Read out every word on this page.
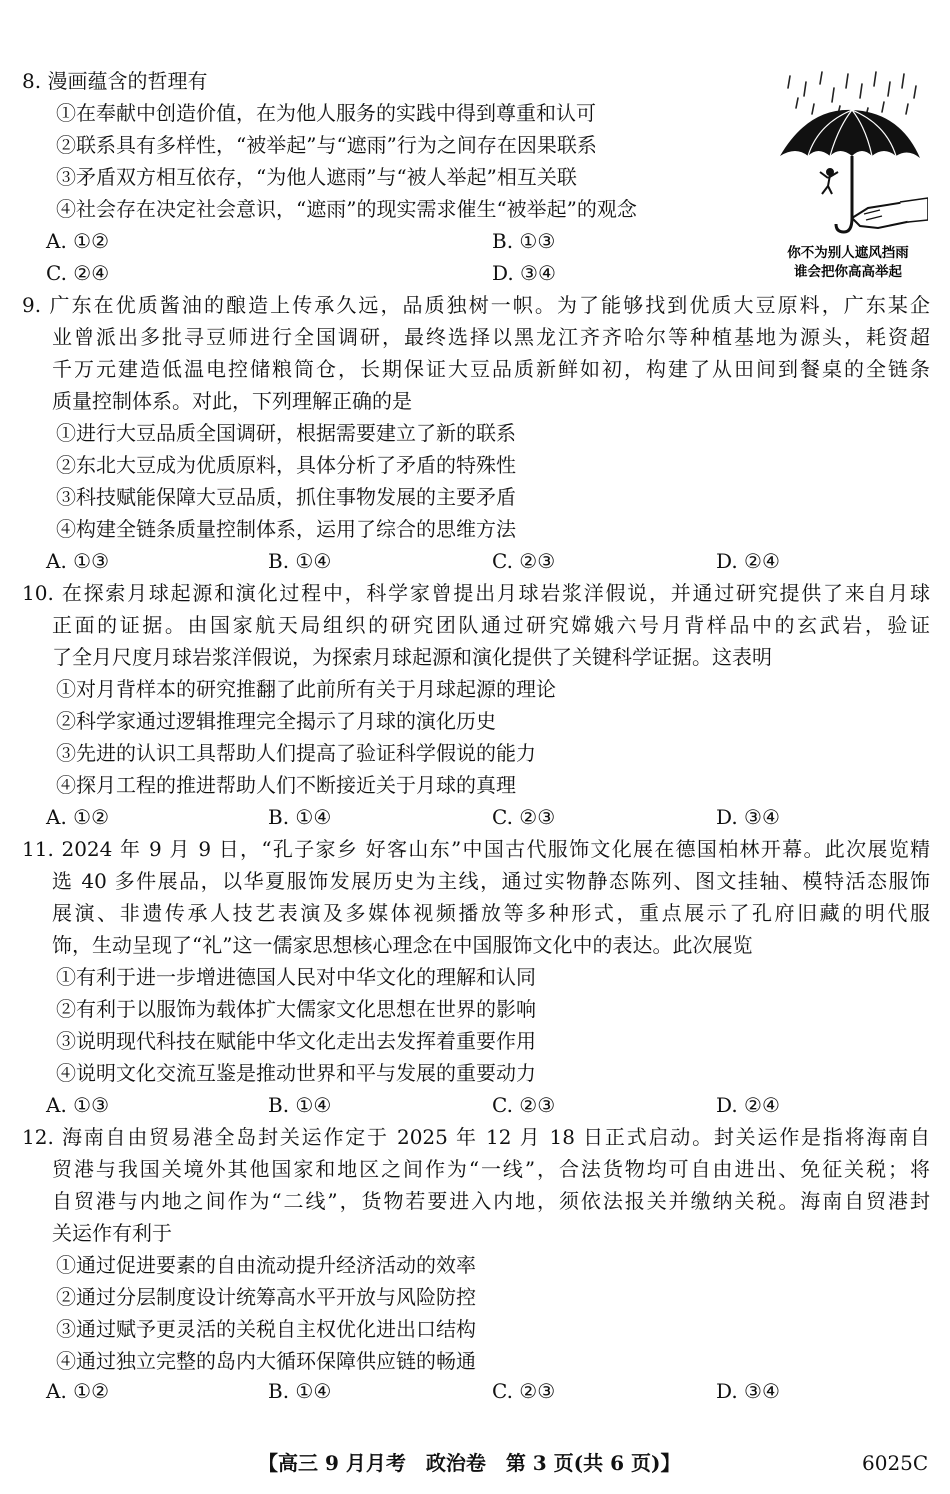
8. 漫画蕴含的哲理有
①在奉献中创造价值，在为他人服务的实践中得到尊重和认可
②联系具有多样性，“被举起”与“遮雨”行为之间存在因果联系
③矛盾双方相互依存，“为他人遮雨”与“被人举起”相互关联
④社会存在决定社会意识，“遮雨”的现实需求催生“被举起”的观念
A. ①②	B. ①③
C. ②④	D. ③④
你不为别人遮风挡雨
谁会把你高高举起
9. 广东在优质酱油的酿造上传承久远，品质独树一帜。为了能够找到优质大豆原料，广东某企
业曾派出多批寻豆师进行全国调研，最终选择以黑龙江齐齐哈尔等种植基地为源头，耗资超
千万元建造低温电控储粮筒仓，长期保证大豆品质新鲜如初，构建了从田间到餐桌的全链条
质量控制体系。对此，下列理解正确的是
①进行大豆品质全国调研，根据需要建立了新的联系
②东北大豆成为优质原料，具体分析了矛盾的特殊性
③科技赋能保障大豆品质，抓住事物发展的主要矛盾
④构建全链条质量控制体系，运用了综合的思维方法
A. ①③	B. ①④	C. ②③	D. ②④
10. 在探索月球起源和演化过程中，科学家曾提出月球岩浆洋假说，并通过研究提供了来自月球
正面的证据。由国家航天局组织的研究团队通过研究嫦娥六号月背样品中的玄武岩，验证
了全月尺度月球岩浆洋假说，为探索月球起源和演化提供了关键科学证据。这表明
①对月背样本的研究推翻了此前所有关于月球起源的理论
②科学家通过逻辑推理完全揭示了月球的演化历史
③先进的认识工具帮助人们提高了验证科学假说的能力
④探月工程的推进帮助人们不断接近关于月球的真理
A. ①②	B. ①④	C. ②③	D. ③④
11. 2024 年 9 月 9 日，“孔子家乡 好客山东”中国古代服饰文化展在德国柏林开幕。此次展览精
选 40 多件展品，以华夏服饰发展历史为主线，通过实物静态陈列、图文挂轴、模特活态服饰
展演、非遗传承人技艺表演及多媒体视频播放等多种形式，重点展示了孔府旧藏的明代服
饰，生动呈现了“礼”这一儒家思想核心理念在中国服饰文化中的表达。此次展览
①有利于进一步增进德国人民对中华文化的理解和认同
②有利于以服饰为载体扩大儒家文化思想在世界的影响
③说明现代科技在赋能中华文化走出去发挥着重要作用
④说明文化交流互鉴是推动世界和平与发展的重要动力
A. ①③	B. ①④	C. ②③	D. ②④
12. 海南自由贸易港全岛封关运作定于 2025 年 12 月 18 日正式启动。封关运作是指将海南自
贸港与我国关境外其他国家和地区之间作为“一线”，合法货物均可自由进出、免征关税；将
自贸港与内地之间作为“二线”，货物若要进入内地，须依法报关并缴纳关税。海南自贸港封
关运作有利于
①通过促进要素的自由流动提升经济活动的效率
②通过分层制度设计统筹高水平开放与风险防控
③通过赋予更灵活的关税自主权优化进出口结构
④通过独立完整的岛内大循环保障供应链的畅通
A. ①②	B. ①④	C. ②③	D. ③④
【高三 9 月月考　政治卷　第 3 页(共 6 页)】	6025C
